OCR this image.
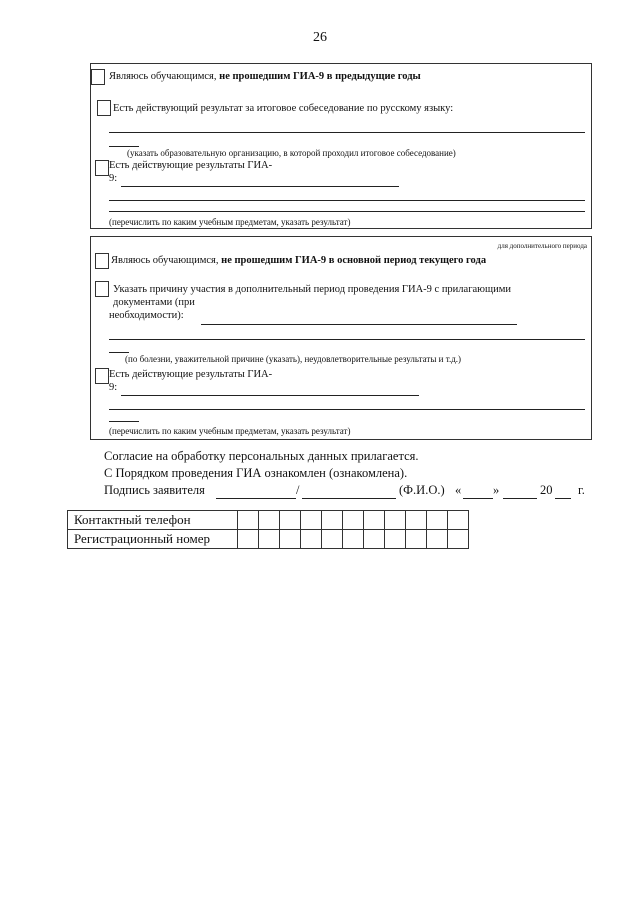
26
Являюсь обучающимся, не прошедшим ГИА-9 в предыдущие годы
Есть действующий результат за итоговое собеседование по русскому языку:
(указать образовательную организацию, в которой проходил итоговое собеседование)
Есть действующие результаты ГИА-
9:
(перечислить по каким учебным предметам, указать результат)
для дополнительного периода
Являюсь обучающимся, не прошедшим ГИА-9 в основной период текущего года
Указать причину участия в дополнительный период проведения ГИА-9 с прилагающими
документами (при
необходимости):
(по болезни, уважительной причине (указать), неудовлетворительные результаты и т.д.)
Есть действующие результаты ГИА-
9:
(перечислить по каким учебным предметам, указать результат)
Согласие на обработку персональных данных прилагается.
С Порядком проведения ГИА ознакомлен (ознакомлена).
Подпись заявителя	/	(Ф.И.О.) «	»	20 г.
Контактный телефон											
Регистрационный номер											
